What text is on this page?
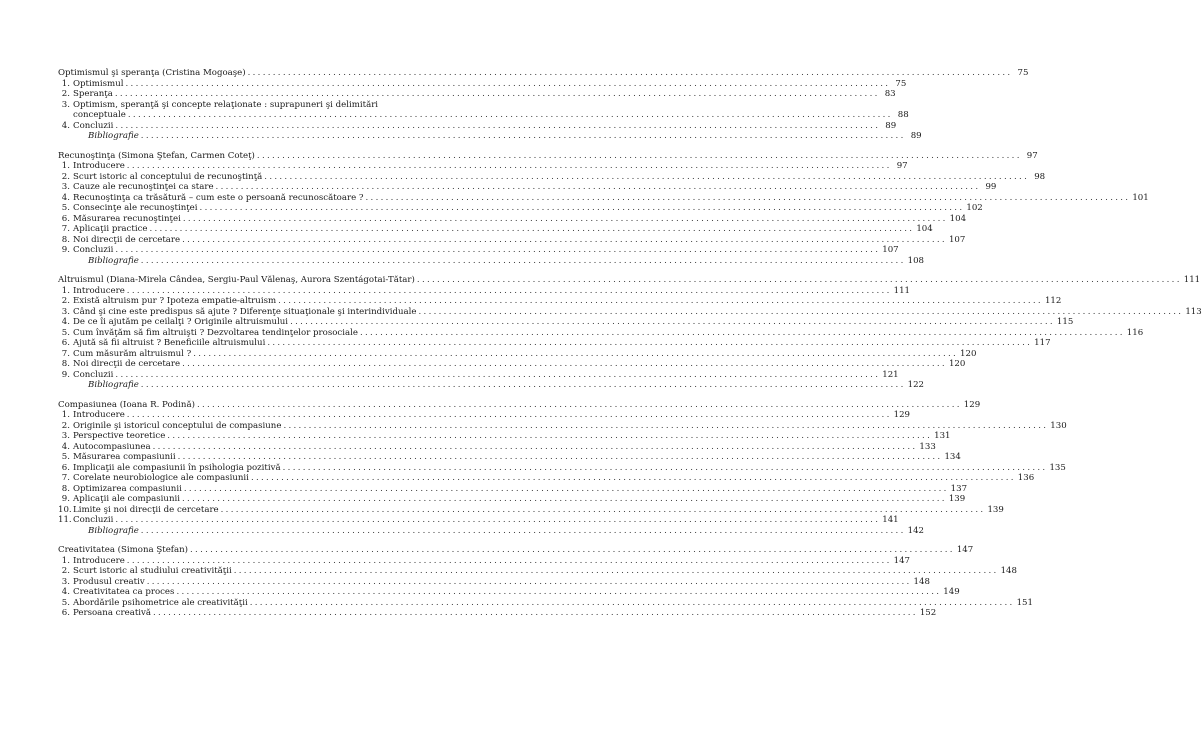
Optimismul şi speranţa (Cristina Mogoaşe) .....	75
1. Optimismul .....	75
2. Speranţa .....	83
3. Optimism, speranţă şi concepte relaţionate : suprapuneri şi delimitări
conceptuale .....	88
4. Concluzii .....	89
Bibliografie .....	89
Recunoştinţa (Simona Ştefan, Carmen Coteţ) .....	97
1. Introducere .....	97
2. Scurt istoric al conceptului de recunoştinţă .....	98
3. Cauze ale recunoştinţei ca stare .....	99
4. Recunoştinţa ca trăsătură – cum este o persoană recunoscătoare ? .....	101
5. Consecinţe ale recunoştinţei .....	102
6. Măsurarea recunoştinţei .....	104
7. Aplicaţii practice .....	104
8. Noi direcţii de cercetare .....	107
9. Concluzii .....	107
Bibliografie .....	108
Altruismul (Diana-Mirela Cândea, Sergiu-Paul Vălenaş, Aurora Szentágotai-Tătar) .....	111
1. Introducere .....	111
2. Există altruism pur ? Ipoteza empatie-altruism .....	112
3. Când şi cine este predispus să ajute ? Diferenţe situaţionale şi interindividuale .....	113
4. De ce îi ajutăm pe ceilalţi ? Originile altruismului .....	115
5. Cum învăţăm să fim altruişti ? Dezvoltarea tendinţelor prosociale .....	116
6. Ajută să fii altruist ? Beneficiile altruismului .....	117
7. Cum măsurăm altruismul ? .....	120
8. Noi direcţii de cercetare .....	120
9. Concluzii .....	121
Bibliografie .....	122
Compasiunea (Ioana R. Podină) .....	129
1. Introducere .....	129
2. Originile şi istoricul conceptului de compasiune .....	130
3. Perspective teoretice .....	131
4. Autocompasiunea .....	133
5. Măsurarea compasiunii .....	134
6. Implicaţii ale compasiunii în psihologia pozitivă .....	135
7. Corelate neurobiologice ale compasiunii .....	136
8. Optimizarea compasiunii .....	137
9. Aplicaţii ale compasiunii .....	139
10. Limite şi noi direcţii de cercetare .....	139
11. Concluzii .....	141
Bibliografie .....	142
Creativitatea (Simona Ştefan) .....	147
1. Introducere .....	147
2. Scurt istoric al studiului creativităţii .....	148
3. Produsul creativ .....	148
4. Creativitatea ca proces .....	149
5. Abordările psihometrice ale creativităţii .....	151
6. Persoana creativă .....	152
